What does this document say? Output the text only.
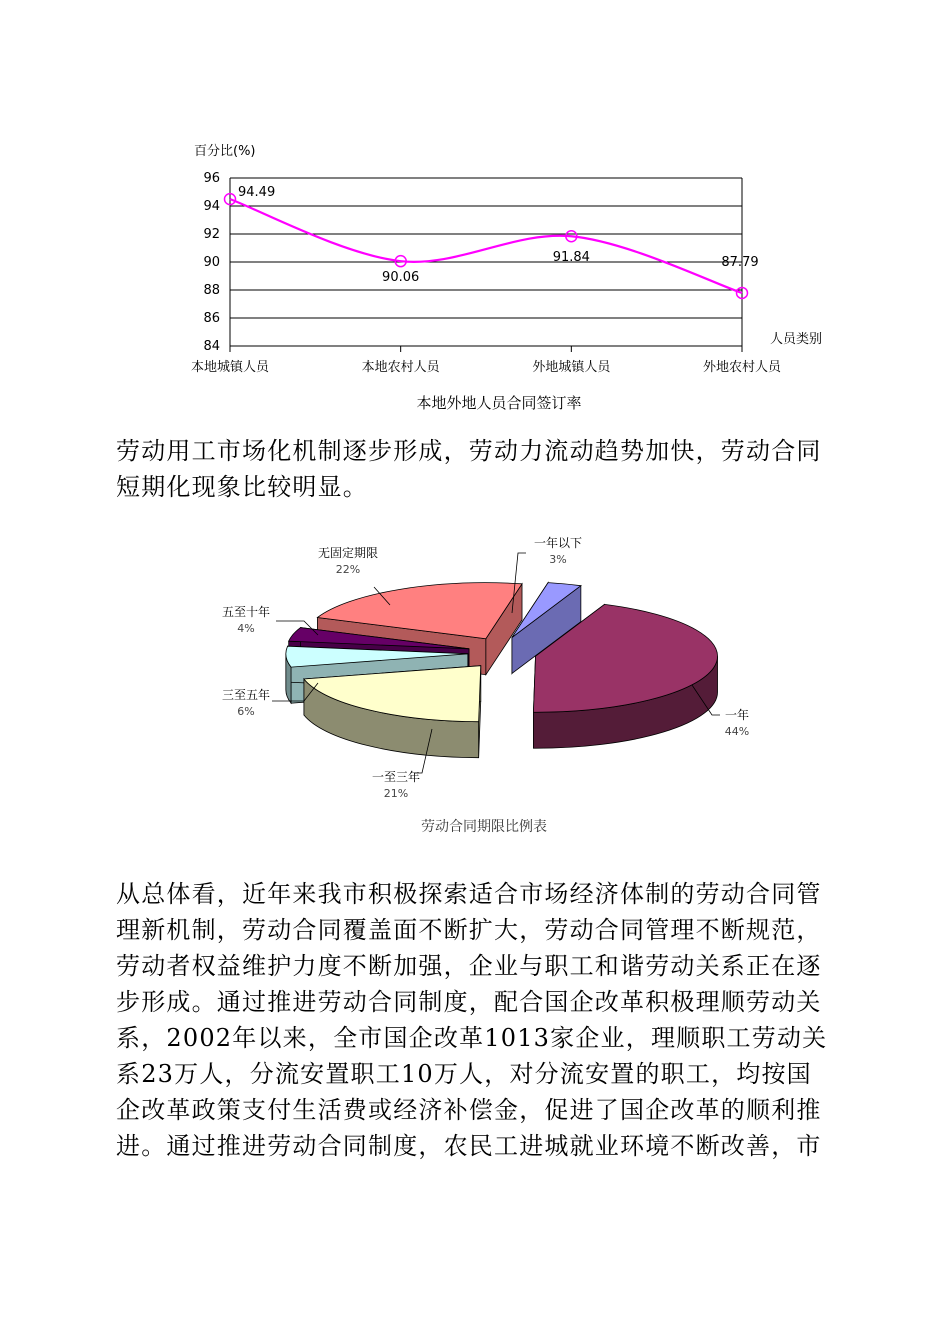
84
86
88
90
92
94
96
本地城镇人员	本地农村人员	外地城镇人员	外地农村人员
94.49
90.06
91.84	87.79
百分比(%)
人员类别
本地外地人员合同签订率

劳动用工市场化机制逐步形成，劳动力流动趋势加快，劳动合同
短期化现象比较明显。

一年以下
3%
一年
44%
一至三年
21%
三至五年
6%
五至十年
4%
无固定期限
22%
劳动合同期限比例表

从总体看，近年来我市积极探索适合市场经济体制的劳动合同管
理新机制，劳动合同覆盖面不断扩大，劳动合同管理不断规范，
劳动者权益维护力度不断加强，企业与职工和谐劳动关系正在逐
步形成。通过推进劳动合同制度，配合国企改革积极理顺劳动关
系，2002年以来，全市国企改革1013家企业，理顺职工劳动关
系23万人，分流安置职工10万人，对分流安置的职工，均按国
企改革政策支付生活费或经济补偿金，促进了国企改革的顺利推
进。通过推进劳动合同制度，农民工进城就业环境不断改善，市
